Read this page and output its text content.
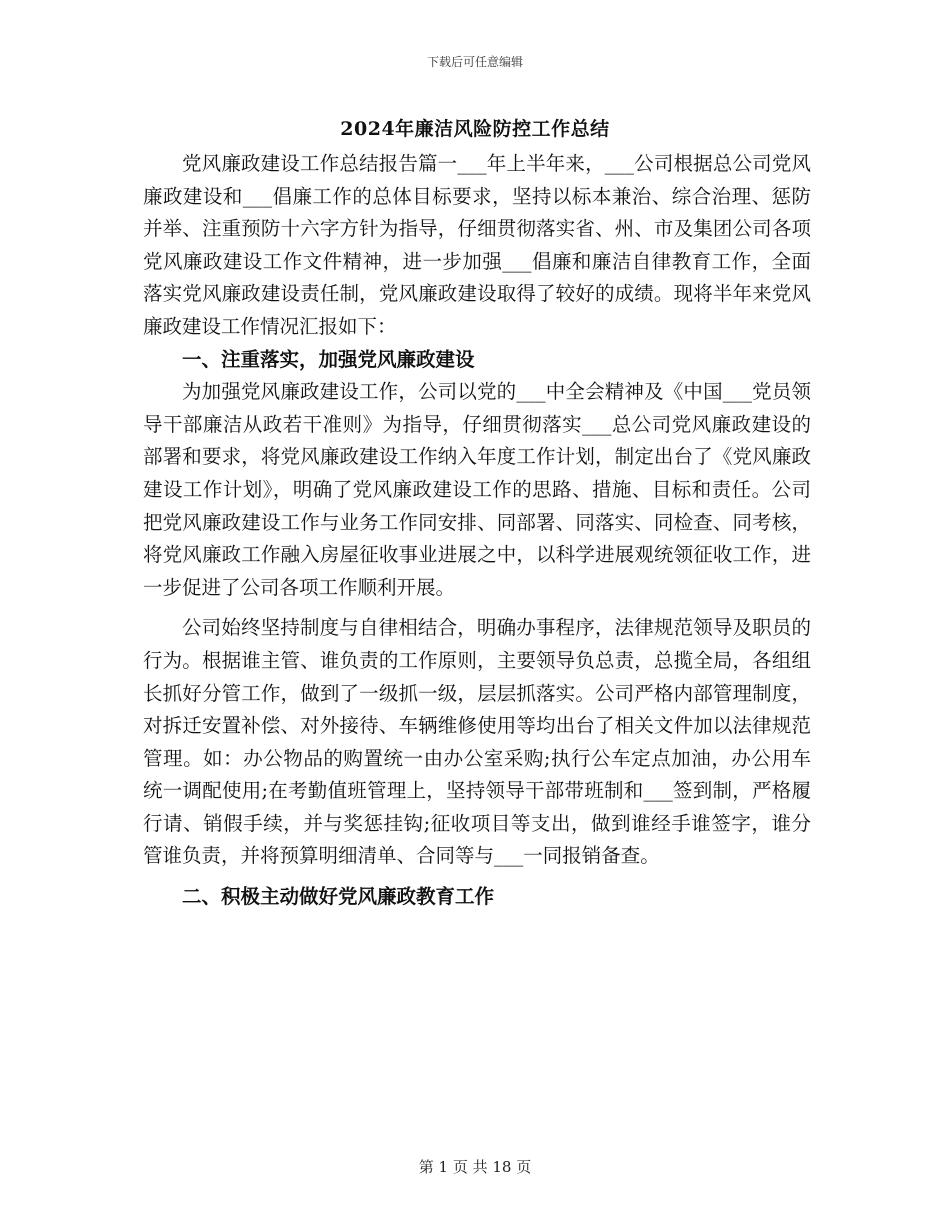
下载后可任意编辑
2024年廉洁风险防控工作总结

党风廉政建设工作总结报告篇一___年上半年来，___公司根据总公司党风廉政建设和___倡廉工作的总体目标要求，坚持以标本兼治、综合治理、惩防并举、注重预防十六字方针为指导，仔细贯彻落实省、州、市及集团公司各项党风廉政建设工作文件精神，进一步加强___倡廉和廉洁自律教育工作，全面落实党风廉政建设责任制，党风廉政建设取得了较好的成绩。现将半年来党风廉政建设工作情况汇报如下：

一、注重落实，加强党风廉政建设

为加强党风廉政建设工作，公司以党的___中全会精神及《中国___党员领导干部廉洁从政若干准则》为指导，仔细贯彻落实___总公司党风廉政建设的部署和要求，将党风廉政建设工作纳入年度工作计划，制定出台了《党风廉政建设工作计划》，明确了党风廉政建设工作的思路、措施、目标和责任。公司把党风廉政建设工作与业务工作同安排、同部署、同落实、同检查、同考核，将党风廉政工作融入房屋征收事业进展之中，以科学进展观统领征收工作，进一步促进了公司各项工作顺利开展。

公司始终坚持制度与自律相结合，明确办事程序，法律规范领导及职员的行为。根据谁主管、谁负责的工作原则，主要领导负总责，总揽全局，各组组长抓好分管工作，做到了一级抓一级，层层抓落实。公司严格内部管理制度，对拆迁安置补偿、对外接待、车辆维修使用等均出台了相关文件加以法律规范管理。如：办公物品的购置统一由办公室采购;执行公车定点加油，办公用车统一调配使用;在考勤值班管理上，坚持领导干部带班制和___签到制，严格履行请、销假手续，并与奖惩挂钩;征收项目等支出，做到谁经手谁签字，谁分管谁负责，并将预算明细清单、合同等与___一同报销备查。

二、积极主动做好党风廉政教育工作

第 1 页 共 18 页
